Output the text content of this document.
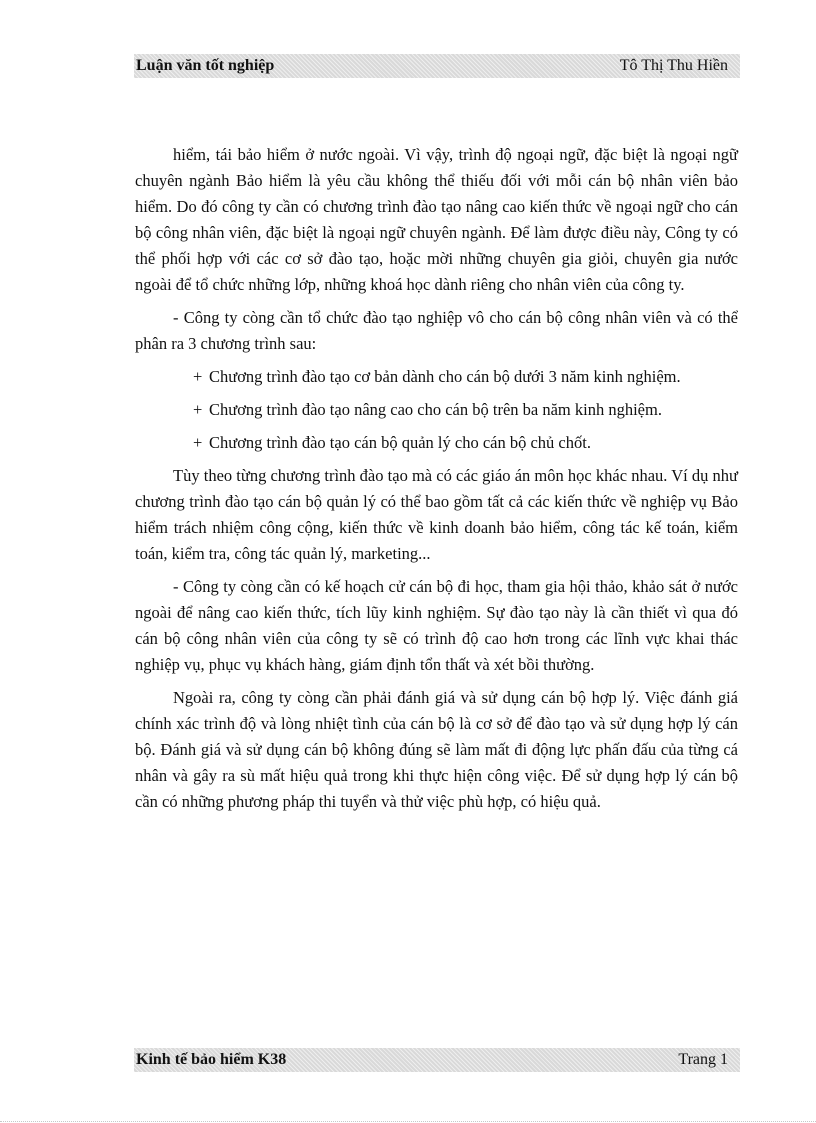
Luận văn tốt nghiệp	Tô Thị Thu Hiền

hiểm, tái bảo hiểm ở nước ngoài. Vì vậy, trình độ ngoại ngữ, đặc biệt là ngoại ngữ chuyên ngành Bảo hiểm là yêu cầu không thể thiếu đối với mỗi cán bộ nhân viên bảo hiểm. Do đó công ty cần có chương trình đào tạo nâng cao kiến thức về ngoại ngữ cho cán bộ công nhân viên, đặc biệt là ngoại ngữ chuyên ngành. Để làm được điều này, Công ty có thể phối hợp với các cơ sở đào tạo, hoặc mời những chuyên gia giỏi, chuyên gia nước ngoài để tổ chức những lớp, những khoá học dành riêng cho nhân viên của công ty.

- Công ty còng cần tổ chức đào tạo nghiệp vô cho cán bộ công nhân viên và có thể phân ra 3 chương trình sau:

+ Chương trình đào tạo cơ bản dành cho cán bộ dưới 3 năm kinh nghiệm.
+ Chương trình đào tạo nâng cao cho cán bộ trên ba năm kinh nghiệm.
+ Chương trình đào tạo cán bộ quản lý cho cán bộ chủ chốt.

Tùy theo từng chương trình đào tạo mà có các giáo án môn học khác nhau. Ví dụ như chương trình đào tạo cán bộ quản lý có thể bao gồm tất cả các kiến thức về nghiệp vụ Bảo hiểm trách nhiệm công cộng, kiến thức về kinh doanh bảo hiểm, công tác kế toán, kiểm toán, kiểm tra, công tác quản lý, marketing...

- Công ty còng cần có kế hoạch cử cán bộ đi học, tham gia hội thảo, khảo sát ở nước ngoài để nâng cao kiến thức, tích lũy kinh nghiệm. Sự đào tạo này là cần thiết vì qua đó cán bộ công nhân viên của công ty sẽ có trình độ cao hơn trong các lĩnh vực khai thác nghiệp vụ, phục vụ khách hàng, giám định tổn thất và xét bồi thường.

Ngoài ra, công ty còng cần phải đánh giá và sử dụng cán bộ hợp lý. Việc đánh giá chính xác trình độ và lòng nhiệt tình của cán bộ là cơ sở để đào tạo và sử dụng hợp lý cán bộ. Đánh giá và sử dụng cán bộ không đúng sẽ làm mất đi động lực phấn đấu của từng cá nhân và gây ra sù mất hiệu quả trong khi thực hiện công việc. Để sử dụng hợp lý cán bộ cần có những phương pháp thi tuyển và thử việc phù hợp, có hiệu quả.

Kinh tế bảo hiểm K38	Trang 1
